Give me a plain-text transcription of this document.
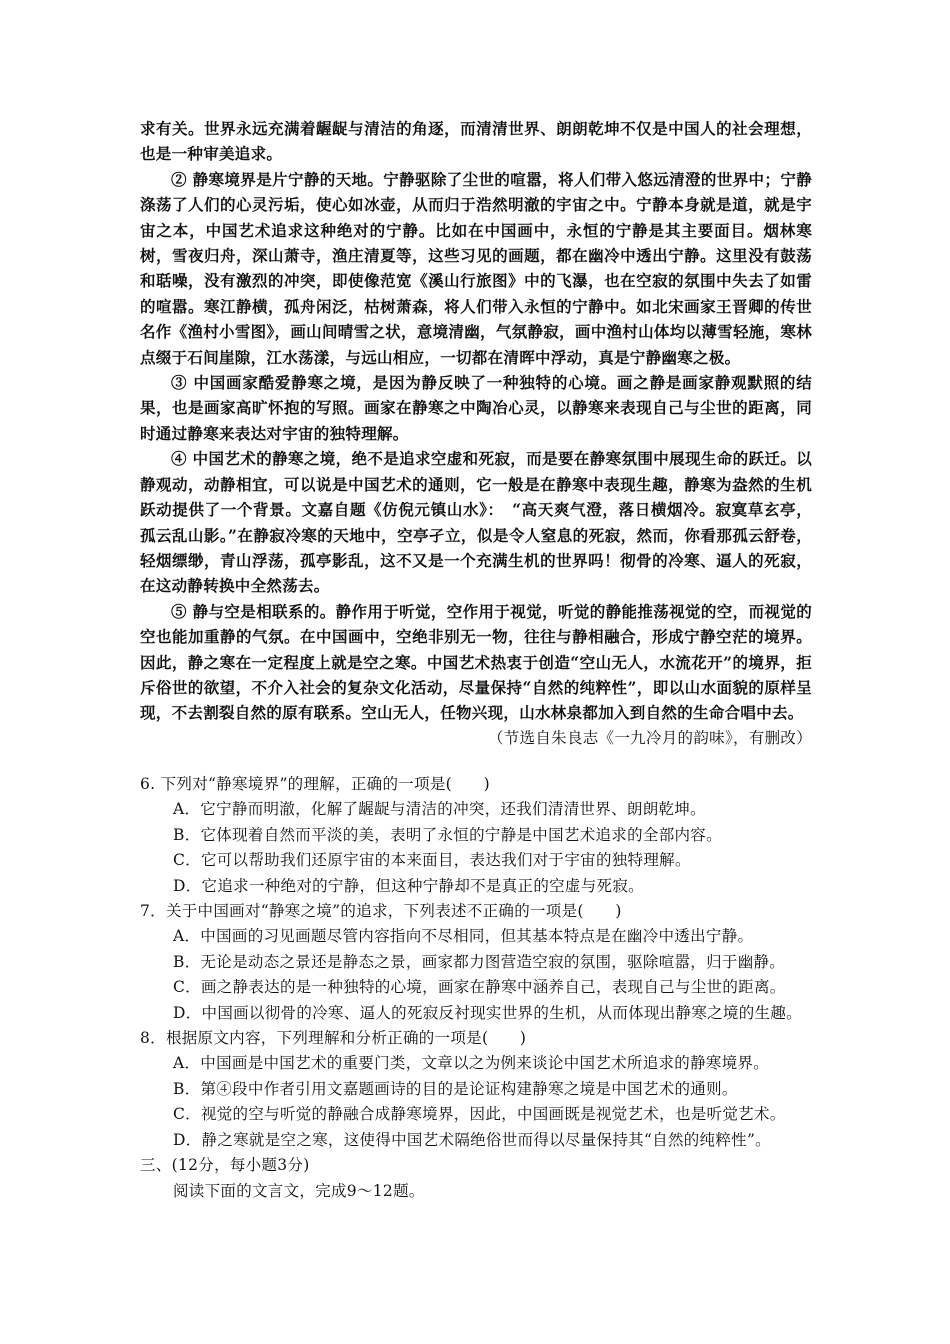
求有关。世界永远充满着龌龊与清洁的角逐，而清清世界、朗朗乾坤不仅是中国人的社会理想，也是一种审美追求。

② 静寒境界是片宁静的天地。宁静驱除了尘世的喧嚣，将人们带入悠远清澄的世界中；宁静涤荡了人们的心灵污垢，使心如冰壶，从而归于浩然明澈的宇宙之中。宁静本身就是道，就是宇宙之本，中国艺术追求这种绝对的宁静。比如在中国画中，永恒的宁静是其主要面目。烟林寒树，雪夜归舟，深山萧寺，渔庄清夏等，这些习见的画题，都在幽冷中透出宁静。这里没有鼓荡和聒噪，没有激烈的冲突，即使像范宽《溪山行旅图》中的飞瀑，也在空寂的氛围中失去了如雷的喧嚣。寒江静横，孤舟闲泛，枯树萧森，将人们带入永恒的宁静中。如北宋画家王晋卿的传世名作《渔村小雪图》，画山间晴雪之状，意境清幽，气氛静寂，画中渔村山体均以薄雪轻施，寒林点缀于石间崖隙，江水荡漾，与远山相应，一切都在清晖中浮动，真是宁静幽寒之极。

③ 中国画家酷爱静寒之境，是因为静反映了一种独特的心境。画之静是画家静观默照的结果，也是画家高旷怀抱的写照。画家在静寒之中陶冶心灵，以静寒来表现自己与尘世的距离，同时通过静寒来表达对宇宙的独特理解。

④ 中国艺术的静寒之境，绝不是追求空虚和死寂，而是要在静寒氛围中展现生命的跃迁。以静观动，动静相宜，可以说是中国艺术的通则，它一般是在静寒中表现生趣，静寒为盎然的生机跃动提供了一个背景。文嘉自题《仿倪元镇山水》：　“高天爽气澄，落日横烟冷。寂寞草玄亭，孤云乱山影。”在静寂冷寒的天地中，空亭孑立，似是令人窒息的死寂，然而，你看那孤云舒卷，轻烟缥缈，青山浮荡，孤亭影乱，这不又是一个充满生机的世界吗！彻骨的冷寒、逼人的死寂，在这动静转换中全然荡去。

⑤ 静与空是相联系的。静作用于听觉，空作用于视觉，听觉的静能推荡视觉的空，而视觉的空也能加重静的气氛。在中国画中，空绝非别无一物，往往与静相融合，形成宁静空茫的境界。因此，静之寒在一定程度上就是空之寒。中国艺术热衷于创造“空山无人，水流花开”的境界，拒斥俗世的欲望，不介入社会的复杂文化活动，尽量保持“自然的纯粹性”，即以山水面貌的原样呈现，不去割裂自然的原有联系。空山无人，任物兴现，山水林泉都加入到自然的生命合唱中去。

（节选自朱良志《一九冷月的韵味》，有删改）

6. 下列对“静寒境界”的理解，正确的一项是(　　)

A．它宁静而明澈，化解了龌龊与清洁的冲突，还我们清清世界、朗朗乾坤。

B．它体现着自然而平淡的美，表明了永恒的宁静是中国艺术追求的全部内容。

C．它可以帮助我们还原宇宙的本来面目，表达我们对于宇宙的独特理解。

D．它追求一种绝对的宁静，但这种宁静却不是真正的空虚与死寂。

7．关于中国画对“静寒之境”的追求，下列表述不正确的一项是(　　)

A．中国画的习见画题尽管内容指向不尽相同，但其基本特点是在幽冷中透出宁静。

B．无论是动态之景还是静态之景，画家都力图营造空寂的氛围，驱除喧嚣，归于幽静。

C．画之静表达的是一种独特的心境，画家在静寒中涵养自己，表现自己与尘世的距离。

D．中国画以彻骨的冷寒、逼人的死寂反衬现实世界的生机，从而体现出静寒之境的生趣。

8．根据原文内容，下列理解和分析正确的一项是(　　)

A．中国画是中国艺术的重要门类，文章以之为例来谈论中国艺术所追求的静寒境界。

B．第④段中作者引用文嘉题画诗的目的是论证构建静寒之境是中国艺术的通则。

C．视觉的空与听觉的静融合成静寒境界，因此，中国画既是视觉艺术，也是听觉艺术。

D．静之寒就是空之寒，这使得中国艺术隔绝俗世而得以尽量保持其“自然的纯粹性”。

三、(12分，每小题3分)

阅读下面的文言文，完成9～12题。
